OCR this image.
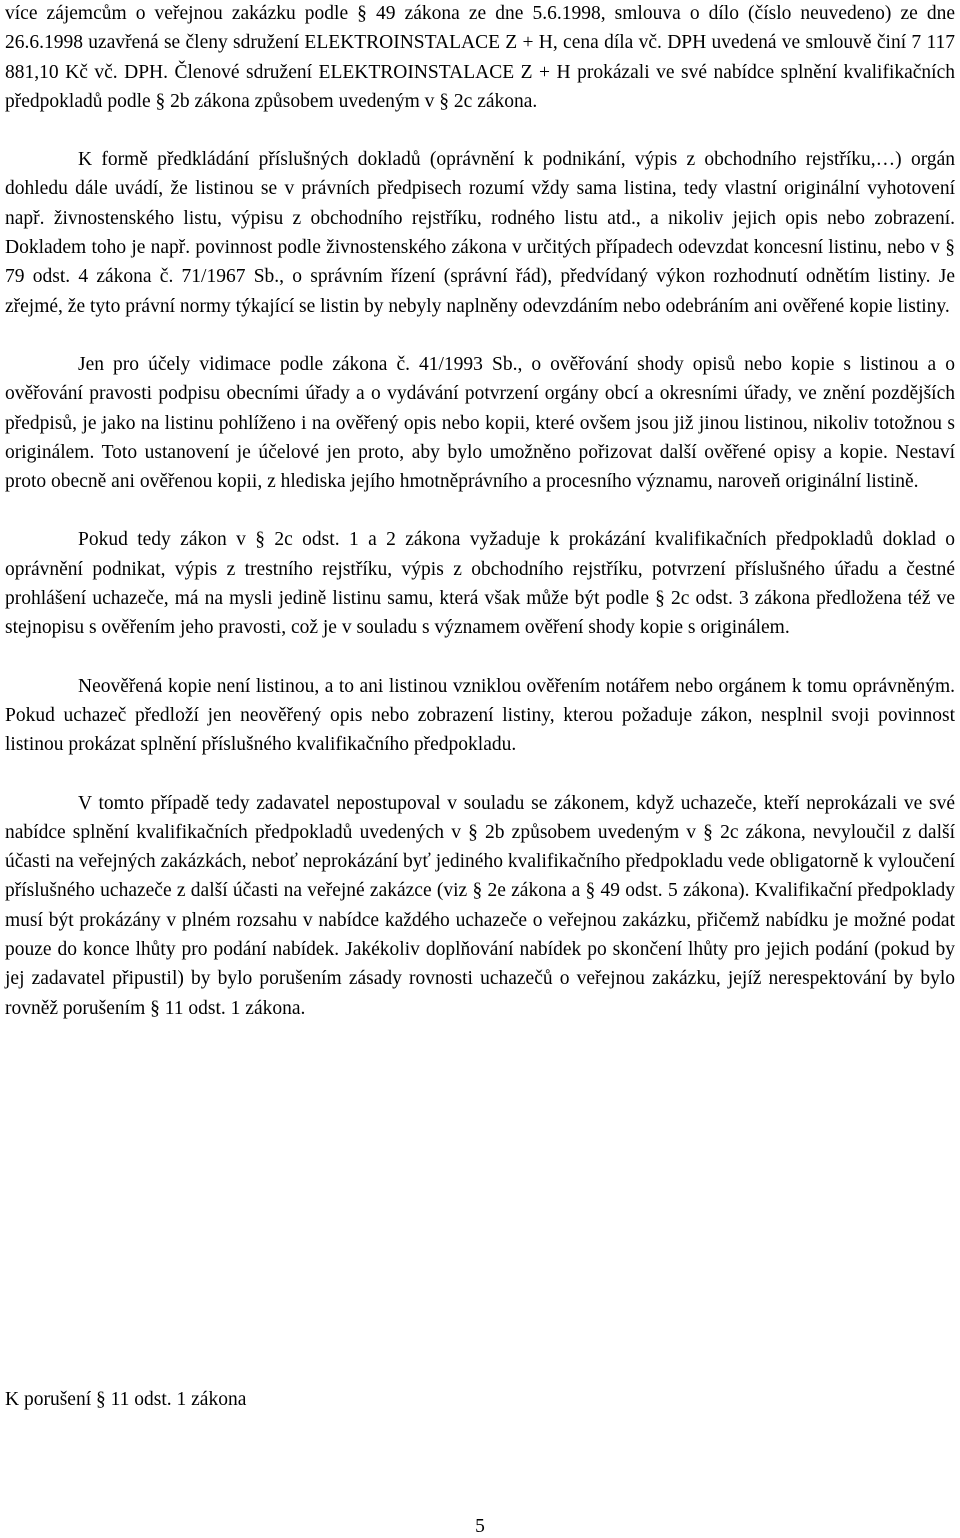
více zájemcům o veřejnou zakázku podle § 49 zákona ze dne 5.6.1998, smlouva o dílo (číslo neuvedeno) ze dne 26.6.1998 uzavřená se členy sdružení ELEKTROINSTALACE Z + H, cena díla vč. DPH uvedená ve smlouvě činí 7 117 881,10 Kč vč. DPH. Členové sdružení ELEKTROINSTALACE Z + H prokázali ve své nabídce splnění kvalifikačních předpokladů podle § 2b zákona způsobem uvedeným v § 2c zákona.

K formě předkládání příslušných dokladů (oprávnění k podnikání, výpis z obchodního rejstříku,…) orgán dohledu dále uvádí, že listinou se v právních předpisech rozumí vždy sama listina, tedy vlastní originální vyhotovení např. živnostenského listu, výpisu z obchodního rejstříku, rodného listu atd., a nikoliv jejich opis nebo zobrazení. Dokladem toho je např. povinnost podle živnostenského zákona v určitých případech odevzdat koncesní listinu, nebo v § 79 odst. 4 zákona č. 71/1967 Sb., o správním řízení (správní řád), předvídaný výkon rozhodnutí odnětím listiny. Je zřejmé, že tyto právní normy týkající se listin by nebyly naplněny odevzdáním nebo odebráním ani ověřené kopie listiny.

Jen pro účely vidimace podle zákona č. 41/1993 Sb., o ověřování shody opisů nebo kopie s listinou a o ověřování pravosti podpisu obecními úřady a o vydávání potvrzení orgány obcí a okresními úřady, ve znění pozdějších předpisů, je jako na listinu pohlíženo i na ověřený opis nebo kopii, které ovšem jsou již jinou listinou, nikoliv totožnou s originálem. Toto ustanovení je účelové jen proto, aby bylo umožněno pořizovat další ověřené opisy a kopie. Nestaví proto obecně ani ověřenou kopii, z hlediska jejího hmotněprávního a procesního významu, naroveň originální listině.

Pokud tedy zákon v § 2c odst. 1 a 2 zákona vyžaduje k prokázání kvalifikačních předpokladů doklad o oprávnění podnikat, výpis z trestního rejstříku, výpis z obchodního rejstříku, potvrzení příslušného úřadu a čestné prohlášení uchazeče, má na mysli jedině listinu samu, která však může být podle § 2c odst. 3 zákona předložena též ve stejnopisu s ověřením jeho pravosti, což je v souladu s významem ověření shody kopie s originálem.

Neověřená kopie není listinou, a to ani listinou vzniklou ověřením notářem nebo orgánem k tomu oprávněným. Pokud uchazeč předloží jen neověřený opis nebo zobrazení listiny, kterou požaduje zákon, nesplnil svoji povinnost listinou prokázat splnění příslušného kvalifikačního předpokladu.

V tomto případě tedy zadavatel nepostupoval v souladu se zákonem, když uchazeče, kteří neprokázali ve své nabídce splnění kvalifikačních předpokladů uvedených v § 2b způsobem uvedeným v § 2c zákona, nevyloučil z další účasti na veřejných zakázkách, neboť neprokázání byť jediného kvalifikačního předpokladu vede obligatorně k vyloučení příslušného uchazeče z další účasti na veřejné zakázce (viz § 2e zákona a § 49 odst. 5 zákona). Kvalifikační předpoklady musí být prokázány v plném rozsahu v nabídce každého uchazeče o veřejnou zakázku, přičemž nabídku je možné podat pouze do konce lhůty pro podání nabídek. Jakékoliv doplňování nabídek po skončení lhůty pro jejich podání (pokud by jej zadavatel připustil) by bylo porušením zásady rovnosti uchazečů o veřejnou zakázku, jejíž nerespektování by bylo rovněž porušením § 11 odst. 1 zákona.

K porušení § 11 odst. 1 zákona

5
